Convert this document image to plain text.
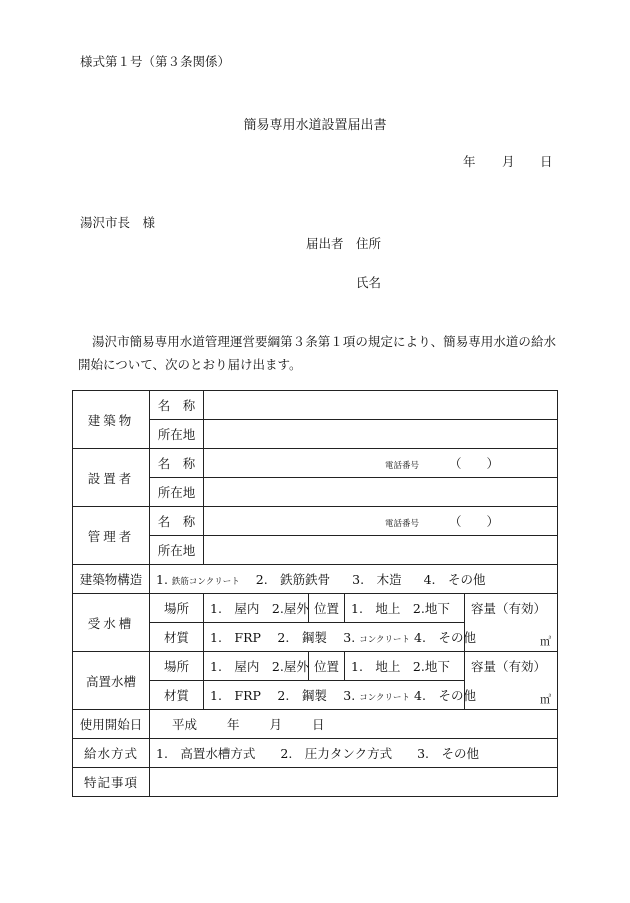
様式第１号（第３条関係）
簡易専用水道設置届出書
年 月 日
湯沢市長　様
届出者 住所
氏名
湯沢市簡易専用水道管理運営要綱第３条第１項の規定により、簡易専用水道の給水開始について、次のとおり届け出ます。
建築物	名　称				
	所在地				
設置者	名　称	電話番号 （　　）			

	所在地				
管理者	名　称	電話番号 （　　）			

	所在地				
建築物構造	1. 鉄筋コンクリート 2.　鉄筋鉄骨 3.　木造 4.　その他				
受水槽	場所	1.　屋内　2.屋外	位置	1.　地上　2.地下	容量（有効）
㎥

	材質	1.　FRP　 2.　鋼製　 3. コンクリート 4.　その他			
高置水槽	場所	1.　屋内　2.屋外	位置	1.　地上　2.地下	容量（有効）
㎥

	材質	1.　FRP　 2.　鋼製　 3. コンクリート 4.　その他			
使用開始日	平成 年 月 日				
給水方式	1.　高置水槽方式　　2.　圧力タンク方式　　3.　その他				
特記事項					
